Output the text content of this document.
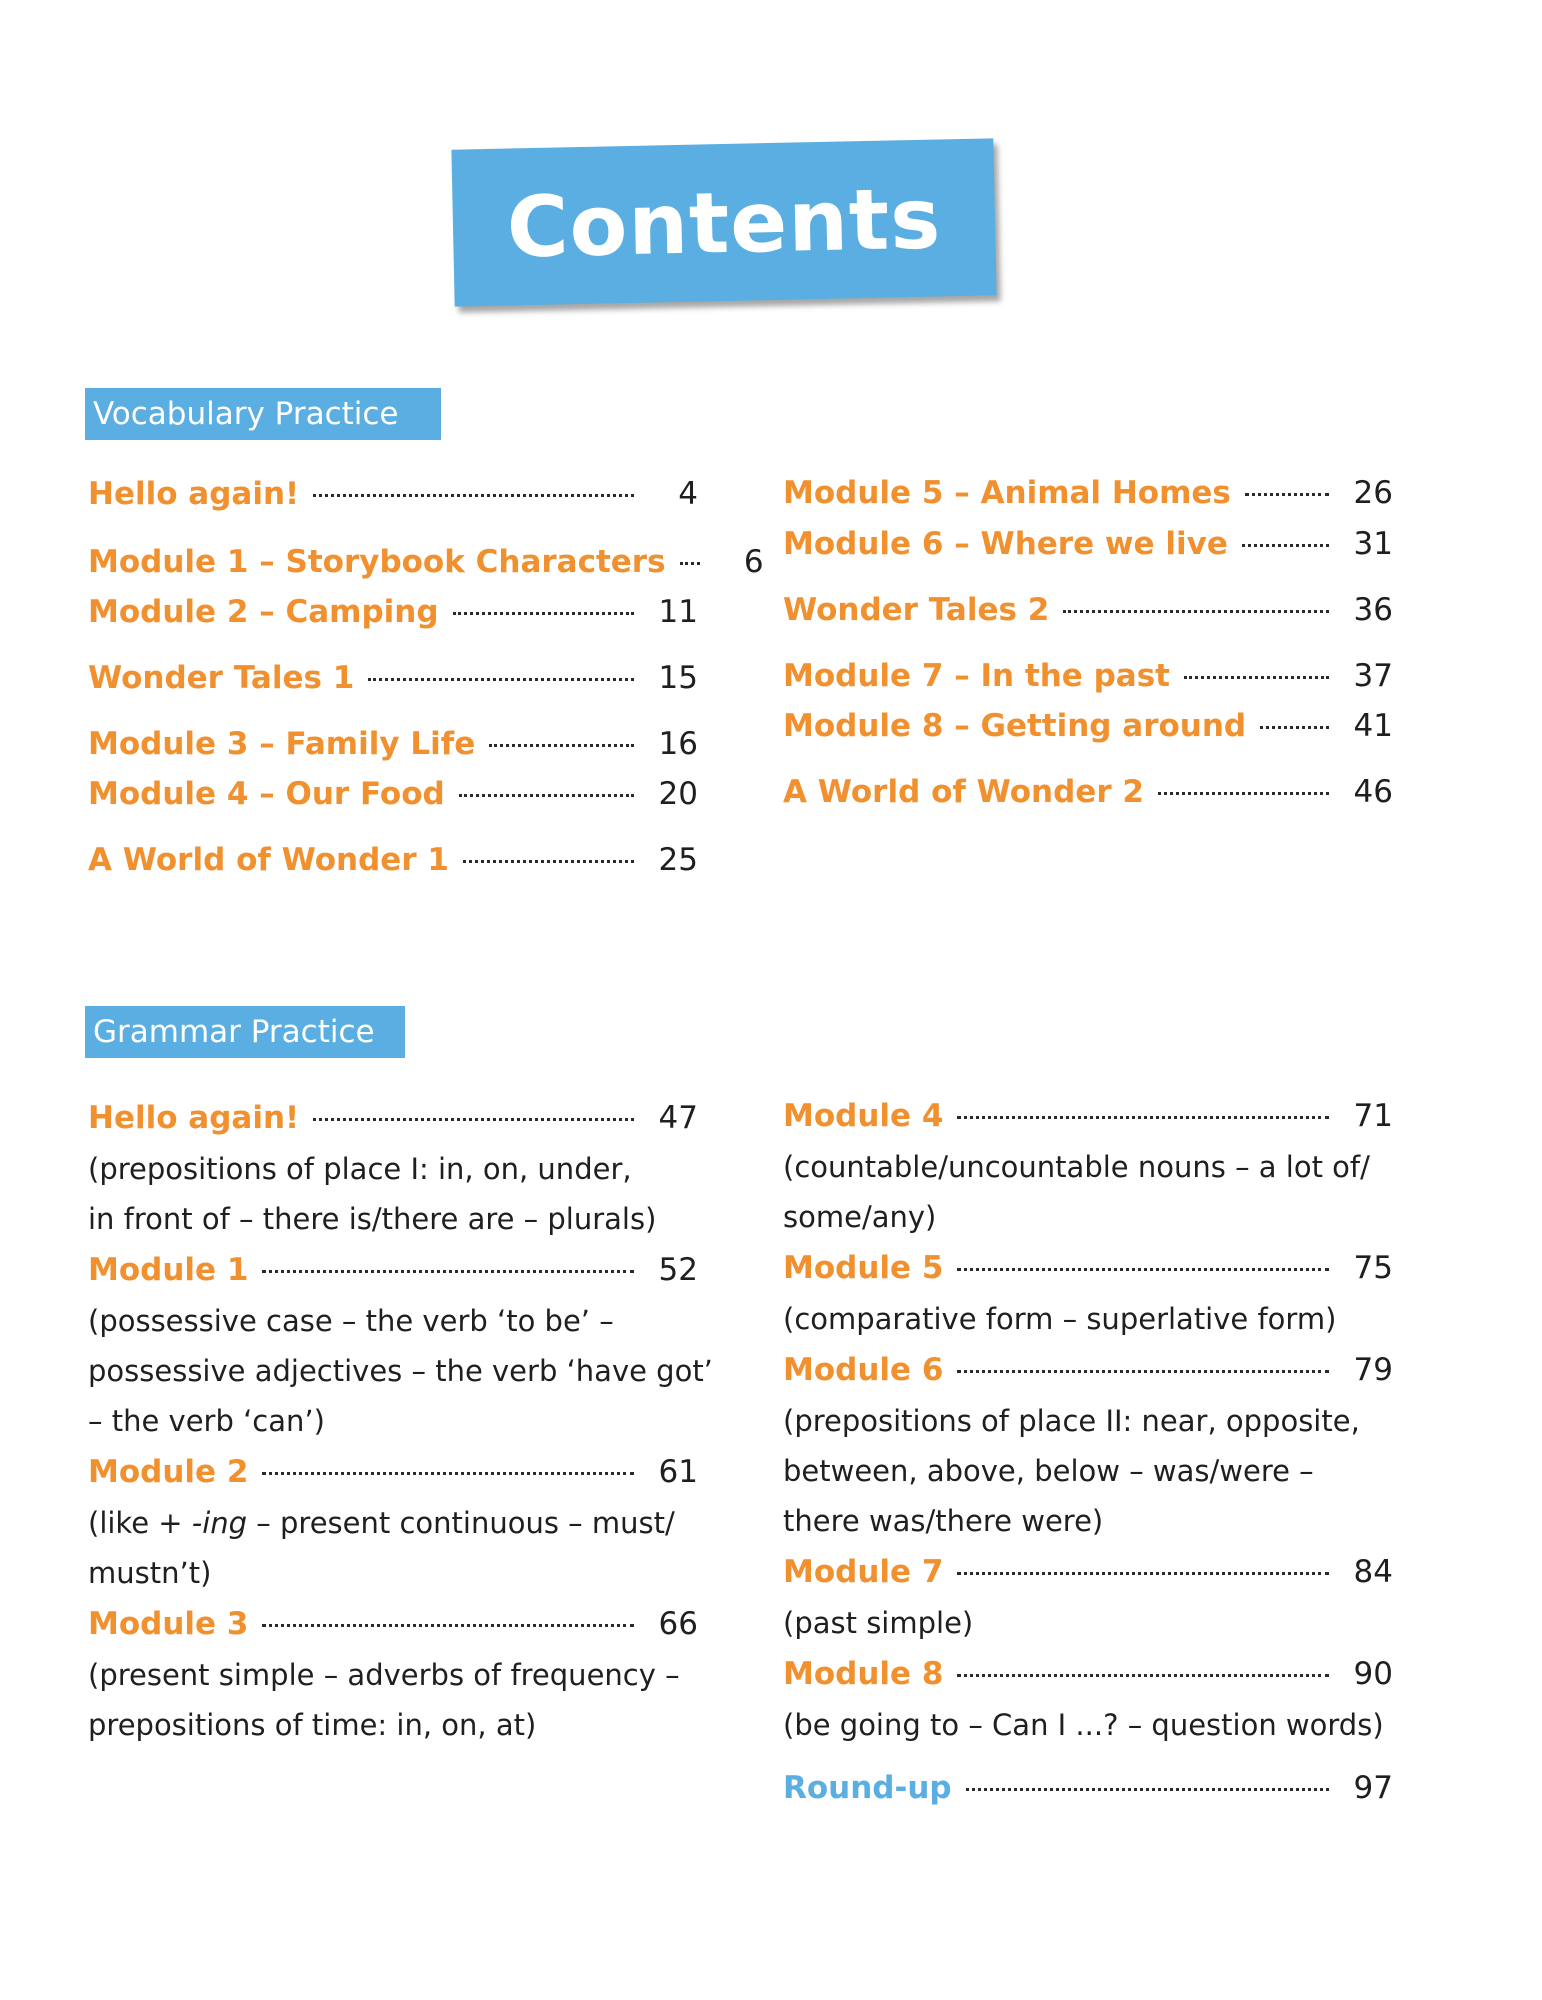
Contents
Vocabulary Practice
Hello again!	4
Module 1 – Storybook Characters	6
Module 2 – Camping	11
Wonder Tales 1	15
Module 3 – Family Life	16
Module 4 – Our Food	20
A World of Wonder 1	25
Module 5 – Animal Homes	26
Module 6 – Where we live	31
Wonder Tales 2	36
Module 7 – In the past	37
Module 8 – Getting around	41
A World of Wonder 2	46
Grammar Practice
Hello again!	47
(prepositions of place I: in, on, under,
in front of – there is/there are – plurals)
Module 1	52
(possessive case – the verb ‘to be’ –
possessive adjectives – the verb ‘have got’
– the verb ‘can’)
Module 2	61
(like + -ing – present continuous – must/
mustn’t)
Module 3	66
(present simple – adverbs of frequency –
prepositions of time: in, on, at)
Module 4	71
(countable/uncountable nouns – a lot of/
some/any)
Module 5	75
(comparative form – superlative form)
Module 6	79
(prepositions of place II: near, opposite,
between, above, below – was/were –
there was/there were)
Module 7	84
(past simple)
Module 8	90
(be going to – Can I ...? – question words)
Round-up	97
